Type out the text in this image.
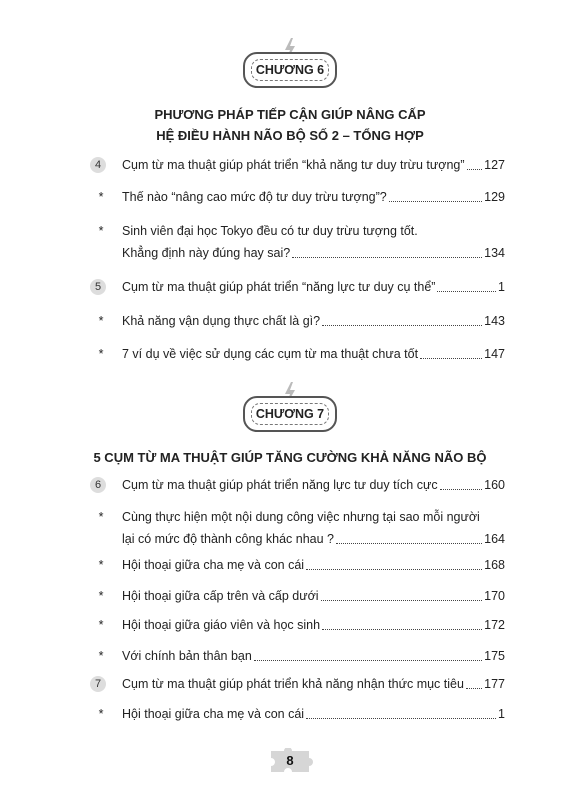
CHƯƠNG 6
PHƯƠNG PHÁP TIẾP CẬN GIÚP NÂNG CẤP
HỆ ĐIỀU HÀNH NÃO BỘ SỐ 2 – TỔNG HỢP
4	Cụm từ ma thuật giúp phát triển “khả năng tư duy trừu tượng” 127
*	Thế nào “nâng cao mức độ tư duy trừu tượng”?	129
*	Sinh viên đại học Tokyo đều có tư duy trừu tượng tốt.
Khẳng định này đúng hay sai?	134
5	Cụm từ ma thuật giúp phát triển “năng lực tư duy cụ thể”	1
*	Khả năng vận dụng thực chất là gì?	143
*	7 ví dụ về việc sử dụng các cụm từ ma thuật chưa tốt	147
CHƯƠNG 7
5 CỤM TỪ MA THUẬT GIÚP TĂNG CƯỜNG KHẢ NĂNG NÃO BỘ
6	Cụm từ ma thuật giúp phát triển năng lực tư duy tích cực	160
*	Cùng thực hiện một nội dung công việc nhưng tại sao mỗi người
lại có mức độ thành công khác nhau ?	164
*	Hội thoại giữa cha mẹ và con cái	168
*	Hội thoại giữa cấp trên và cấp dưới	170
*	Hội thoại giữa giáo viên và học sinh	172
*	Với chính bản thân bạn	175
7	Cụm từ ma thuật giúp phát triển khả năng nhận thức mục tiêu 177
*	Hội thoại giữa cha mẹ và con cái	1
8
